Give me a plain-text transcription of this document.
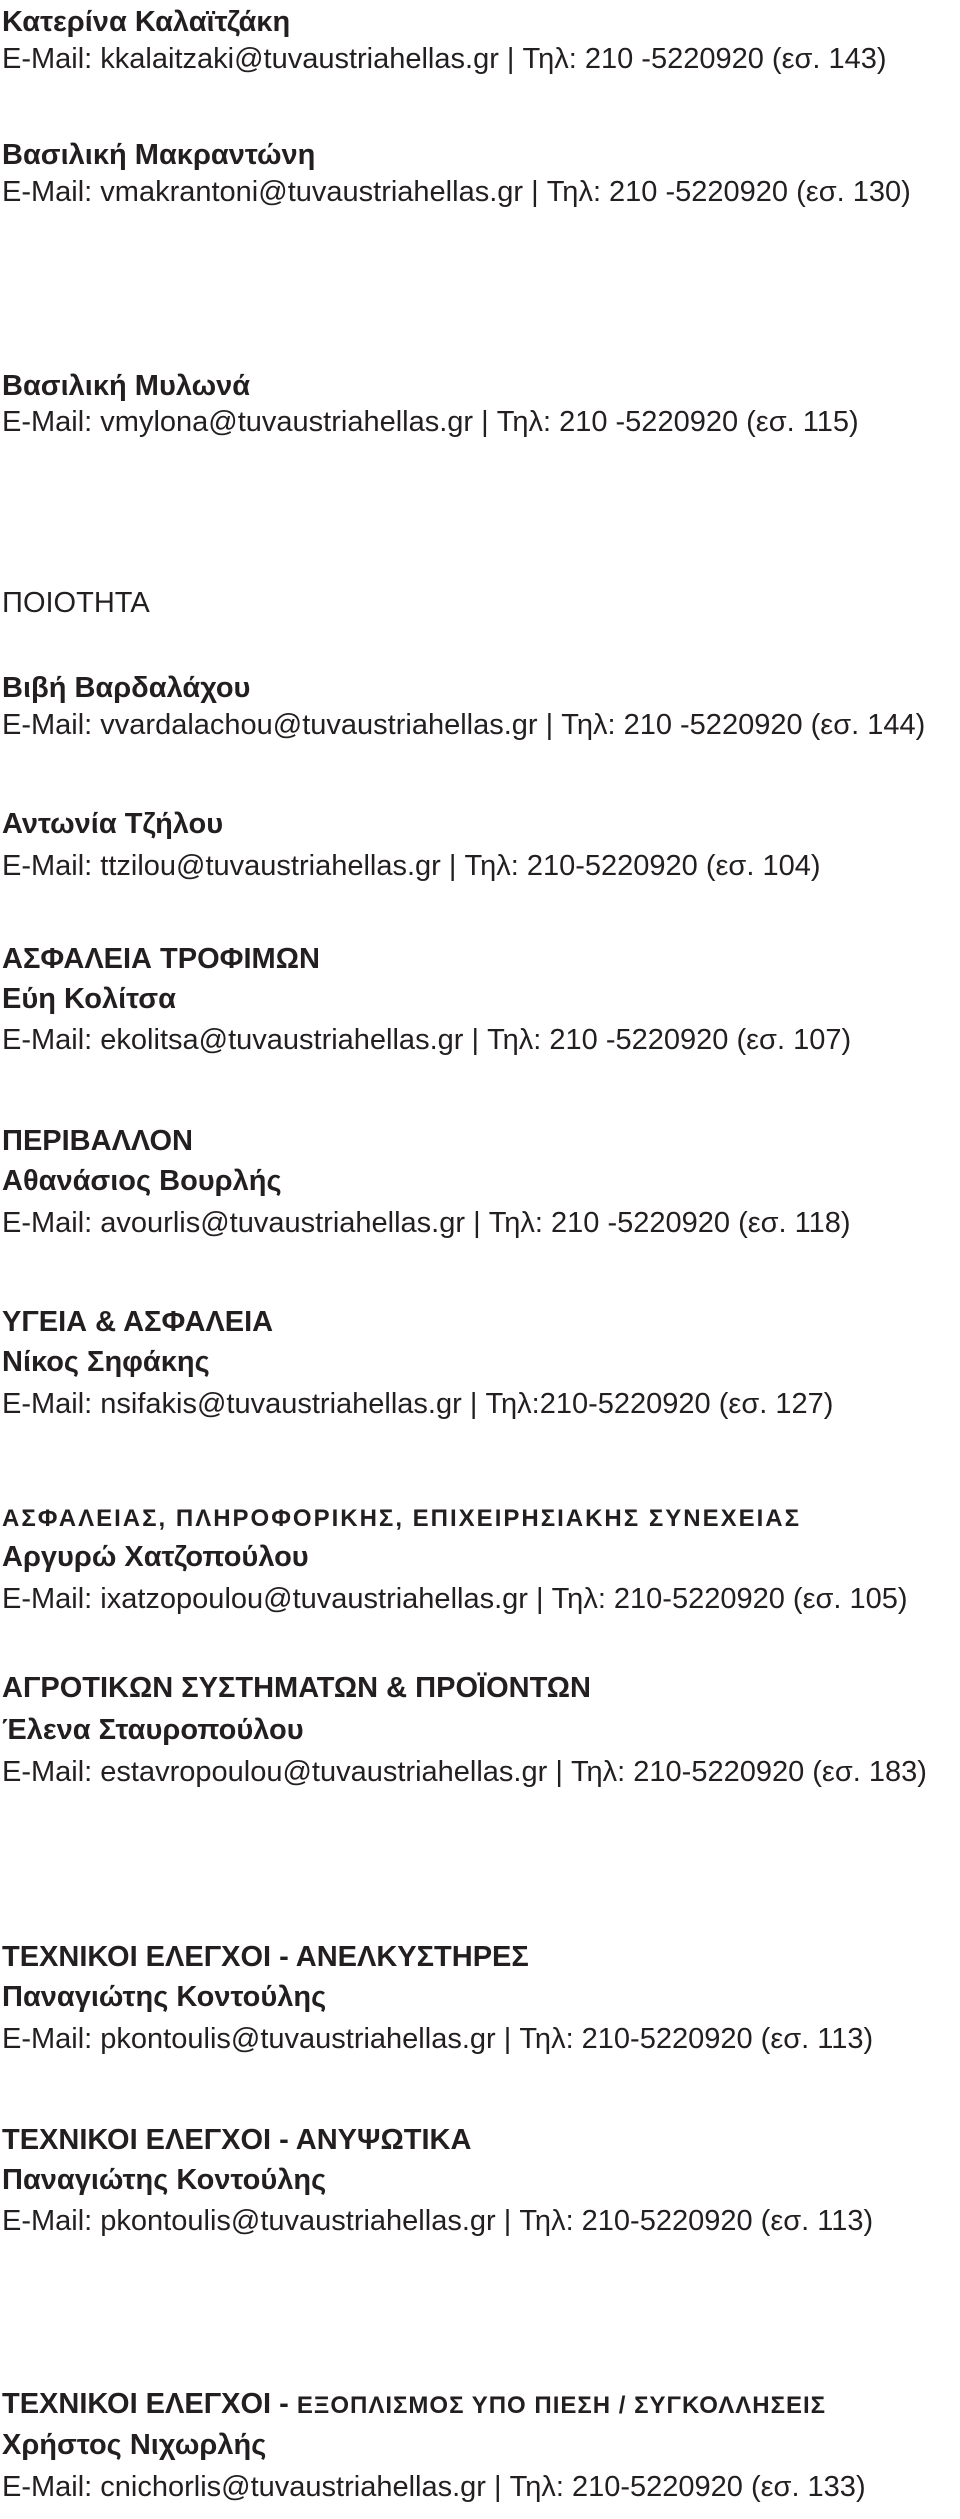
Κατερίνα Καλαϊτζάκη
E-Mail: kkalaitzaki@tuvaustriahellas.gr | Τηλ: 210 -5220920 (εσ. 143)
Βασιλική Μακραντώνη
E-Mail: vmakrantoni@tuvaustriahellas.gr | Τηλ: 210 -5220920 (εσ. 130)
Βασιλική Μυλωνά
E-Mail: vmylona@tuvaustriahellas.gr | Τηλ: 210 -5220920 (εσ. 115)
ΠΟΙΟΤΗΤΑ
Βιβή Βαρδαλάχου
E-Mail: vvardalachou@tuvaustriahellas.gr | Τηλ: 210 -5220920 (εσ. 144)
Αντωνία Τζήλου
E-Mail: ttzilou@tuvaustriahellas.gr | Τηλ: 210-5220920 (εσ. 104)
ΑΣΦΑΛΕΙΑ ΤΡΟΦΙΜΩΝ
Εύη Κολίτσα
E-Mail: ekolitsa@tuvaustriahellas.gr | Τηλ: 210 -5220920 (εσ. 107)
ΠΕΡΙΒΑΛΛΟΝ
Αθανάσιος Βουρλής
E-Mail: avourlis@tuvaustriahellas.gr | Τηλ: 210 -5220920 (εσ. 118)
ΥΓΕΙΑ & ΑΣΦΑΛΕΙΑ
Νίκος Σηφάκης
E-Mail: nsifakis@tuvaustriahellas.gr | Τηλ:210-5220920 (εσ. 127)
ΑΣΦΑΛΕΙΑΣ, ΠΛΗΡΟΦΟΡΙΚΗΣ, ΕΠΙΧΕΙΡΗΣΙΑΚΗΣ ΣΥΝΕΧΕΙΑΣ
Αργυρώ Χατζοπούλου
E-Mail: ixatzopoulou@tuvaustriahellas.gr | Τηλ: 210-5220920 (εσ. 105)
ΑΓΡΟΤΙΚΩΝ ΣΥΣΤΗΜΑΤΩΝ & ΠΡΟΪΟΝΤΩΝ
Έλενα Σταυροπούλου
E-Mail: estavropoulou@tuvaustriahellas.gr | Τηλ: 210-5220920 (εσ. 183)
ΤΕΧΝΙΚΟΙ ΕΛΕΓΧΟΙ - ΑΝΕΛΚΥΣΤΗΡΕΣ
Παναγιώτης Κοντούλης
E-Mail: pkontoulis@tuvaustriahellas.gr | Τηλ: 210-5220920 (εσ. 113)
ΤΕΧΝΙΚΟΙ ΕΛΕΓΧΟΙ - ΑΝΥΨΩΤΙΚΑ
Παναγιώτης Κοντούλης
E-Mail: pkontoulis@tuvaustriahellas.gr | Τηλ: 210-5220920 (εσ. 113)
ΤΕΧΝΙΚΟΙ ΕΛΕΓΧΟΙ - ΕΞΟΠΛΙΣΜΟΣ ΥΠΟ ΠΙΕΣΗ / ΣΥΓΚΟΛΛΗΣΕΙΣ
Χρήστος Νιχωρλής
E-Mail: cnichorlis@tuvaustriahellas.gr | Τηλ: 210-5220920 (εσ. 133)
